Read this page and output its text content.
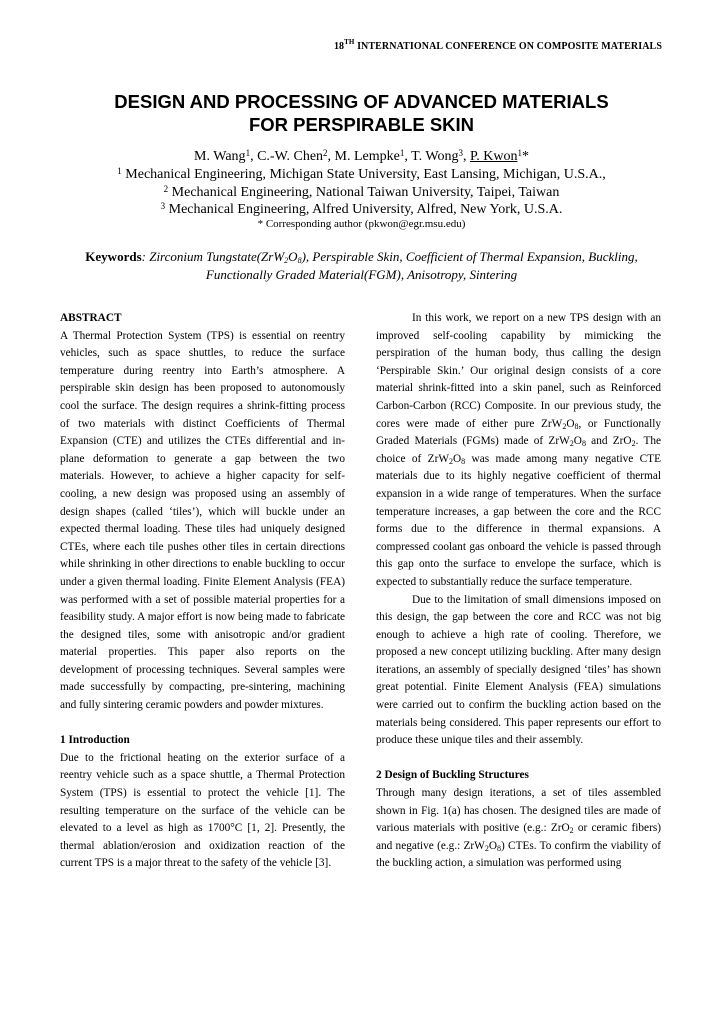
18TH INTERNATIONAL CONFERENCE ON COMPOSITE MATERIALS
DESIGN AND PROCESSING OF ADVANCED MATERIALS
FOR PERSPIRABLE SKIN
M. Wang$^1$, C.-W. Chen$^2$, M. Lempke$^1$, T. Wong$^3$, P. Kwon$^1$*
$^1$ Mechanical Engineering, Michigan State University, East Lansing, Michigan, U.S.A.,
$^2$ Mechanical Engineering, National Taiwan University, Taipei, Taiwan
$^3$ Mechanical Engineering, Alfred University, Alfred, New York, U.S.A.
* Corresponding author (pkwon@egr.msu.edu)
Keywords: Zirconium $Tungstate(ZrW_2O_8)$, Perspirable Skin, Coefficient of Thermal Expansion, Buckling, Functionally Graded Material(FGM), Anisotropy, Sintering

ABSTRACT

A Thermal Protection System (TPS) is essential on reentry vehicles, such as space shuttles, to reduce the surface temperature during reentry into Earth’s atmosphere. A perspirable skin design has been proposed to autonomously cool the surface. The design requires a shrink-fitting process of two materials with distinct Coefficients of Thermal Expansion (CTE) and utilizes the CTEs differential and in-plane deformation to generate a gap between the two materials. However, to achieve a higher capacity for self-cooling, a new design was proposed using an assembly of design shapes (called ‘tiles’), which will buckle under an expected thermal loading. These tiles had uniquely designed CTEs, where each tile pushes other tiles in certain directions while shrinking in other directions to enable buckling to occur under a given thermal loading. Finite Element Analysis (FEA) was performed with a set of possible material properties for a feasibility study. A major effort is now being made to fabricate the designed tiles, some with anisotropic and/or gradient material properties. This paper also reports on the development of processing techniques. Several samples were made successfully by compacting, pre-sintering, machining and fully sintering ceramic powders and powder mixtures.

1 Introduction

Due to the frictional heating on the exterior surface of a reentry vehicle such as a space shuttle, a Thermal Protection System (TPS) is essential to protect the vehicle [1]. The resulting temperature on the surface of the vehicle can be elevated to a level as high as 1700°C [1, 2]. Presently, the thermal ablation/erosion and oxidization reaction of the current TPS is a major threat to the safety of the vehicle [3].

In this work, we report on a new TPS design with an improved self-cooling capability by mimicking the perspiration of the human body, thus calling the design ‘Perspirable Skin.’ Our original design consists of a core material shrink-fitted into a skin panel, such as Reinforced Carbon-Carbon (RCC) Composite. In our previous study, the cores were made of either pure $ZrW_2O_8$, or Functionally Graded Materials (FGMs) made of $ZrW_2O_8$ and ZrO$_2$. The choice of $ZrW_2O_8$ was made among many negative CTE materials due to its highly negative coefficient of thermal expansion in a wide range of temperatures. When the surface temperature increases, a gap between the core and the RCC forms due to the difference in thermal expansions. A compressed coolant gas onboard the vehicle is passed through this gap onto the surface to envelope the surface, which is expected to substantially reduce the surface temperature.

Due to the limitation of small dimensions imposed on this design, the gap between the core and RCC was not big enough to achieve a high rate of cooling. Therefore, we proposed a new concept utilizing buckling. After many design iterations, an assembly of specially designed ‘tiles’ has shown great potential. Finite Element Analysis (FEA) simulations were carried out to confirm the buckling action based on the materials being considered. This paper represents our effort to produce these unique tiles and their assembly.

2 Design of Buckling Structures

Through many design iterations, a set of tiles assembled shown in Fig. 1(a) has chosen. The designed tiles are made of various materials with positive (e.g.: ZrO$_2$ or ceramic fibers) and negative (e.g.: $ZrW_2O_8$) CTEs. To confirm the viability of the buckling action, a simulation was performed using
